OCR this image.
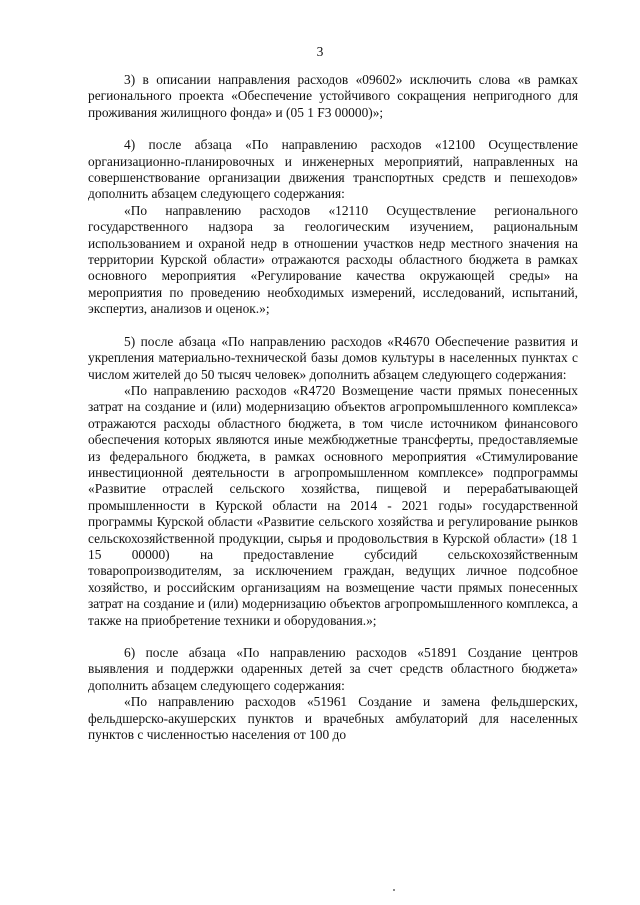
3

3) в описании направления расходов «09602» исключить слова «в рамках регионального проекта «Обеспечение устойчивого сокращения непригодного для проживания жилищного фонда» и (05 1 F3 00000)»;

4) после абзаца «По направлению расходов «12100 Осуществление организационно-планировочных и инженерных мероприятий, направленных на совершенствование организации движения транспортных средств и пешеходов» дополнить абзацем следующего содержания:

«По направлению расходов «12110 Осуществление регионального государственного надзора за геологическим изучением, рациональным использованием и охраной недр в отношении участков недр местного значения на территории Курской области» отражаются расходы областного бюджета в рамках основного мероприятия «Регулирование качества окружающей среды» на мероприятия по проведению необходимых измерений, исследований, испытаний, экспертиз, анализов и оценок.»;

5) после абзаца «По направлению расходов «R4670 Обеспечение развития и укрепления материально-технической базы домов культуры в населенных пунктах с числом жителей до 50 тысяч человек» дополнить абзацем следующего содержания:

«По направлению расходов «R4720 Возмещение части прямых понесенных затрат на создание и (или) модернизацию объектов агропромышленного комплекса» отражаются расходы областного бюджета, в том числе источником финансового обеспечения которых являются иные межбюджетные трансферты, предоставляемые из федерального бюджета, в рамках основного мероприятия «Стимулирование инвестиционной деятельности в агропромышленном комплексе» подпрограммы «Развитие отраслей сельского хозяйства, пищевой и перерабатывающей промышленности в Курской области на 2014 - 2021 годы» государственной программы Курской области «Развитие сельского хозяйства и регулирование рынков сельскохозяйственной продукции, сырья и продовольствия в Курской области» (18 1 15 00000) на предоставление субсидий сельскохозяйственным товаропроизводителям, за исключением граждан, ведущих личное подсобное хозяйство, и российским организациям на возмещение части прямых понесенных затрат на создание и (или) модернизацию объектов агропромышленного комплекса, а также на приобретение техники и оборудования.»;

6) после абзаца «По направлению расходов «51891 Создание центров выявления и поддержки одаренных детей за счет средств областного бюджета» дополнить абзацем следующего содержания:

«По направлению расходов «51961 Создание и замена фельдшерских, фельдшерско-акушерских пунктов и врачебных амбулаторий для населенных пунктов с численностью населения от 100 до
